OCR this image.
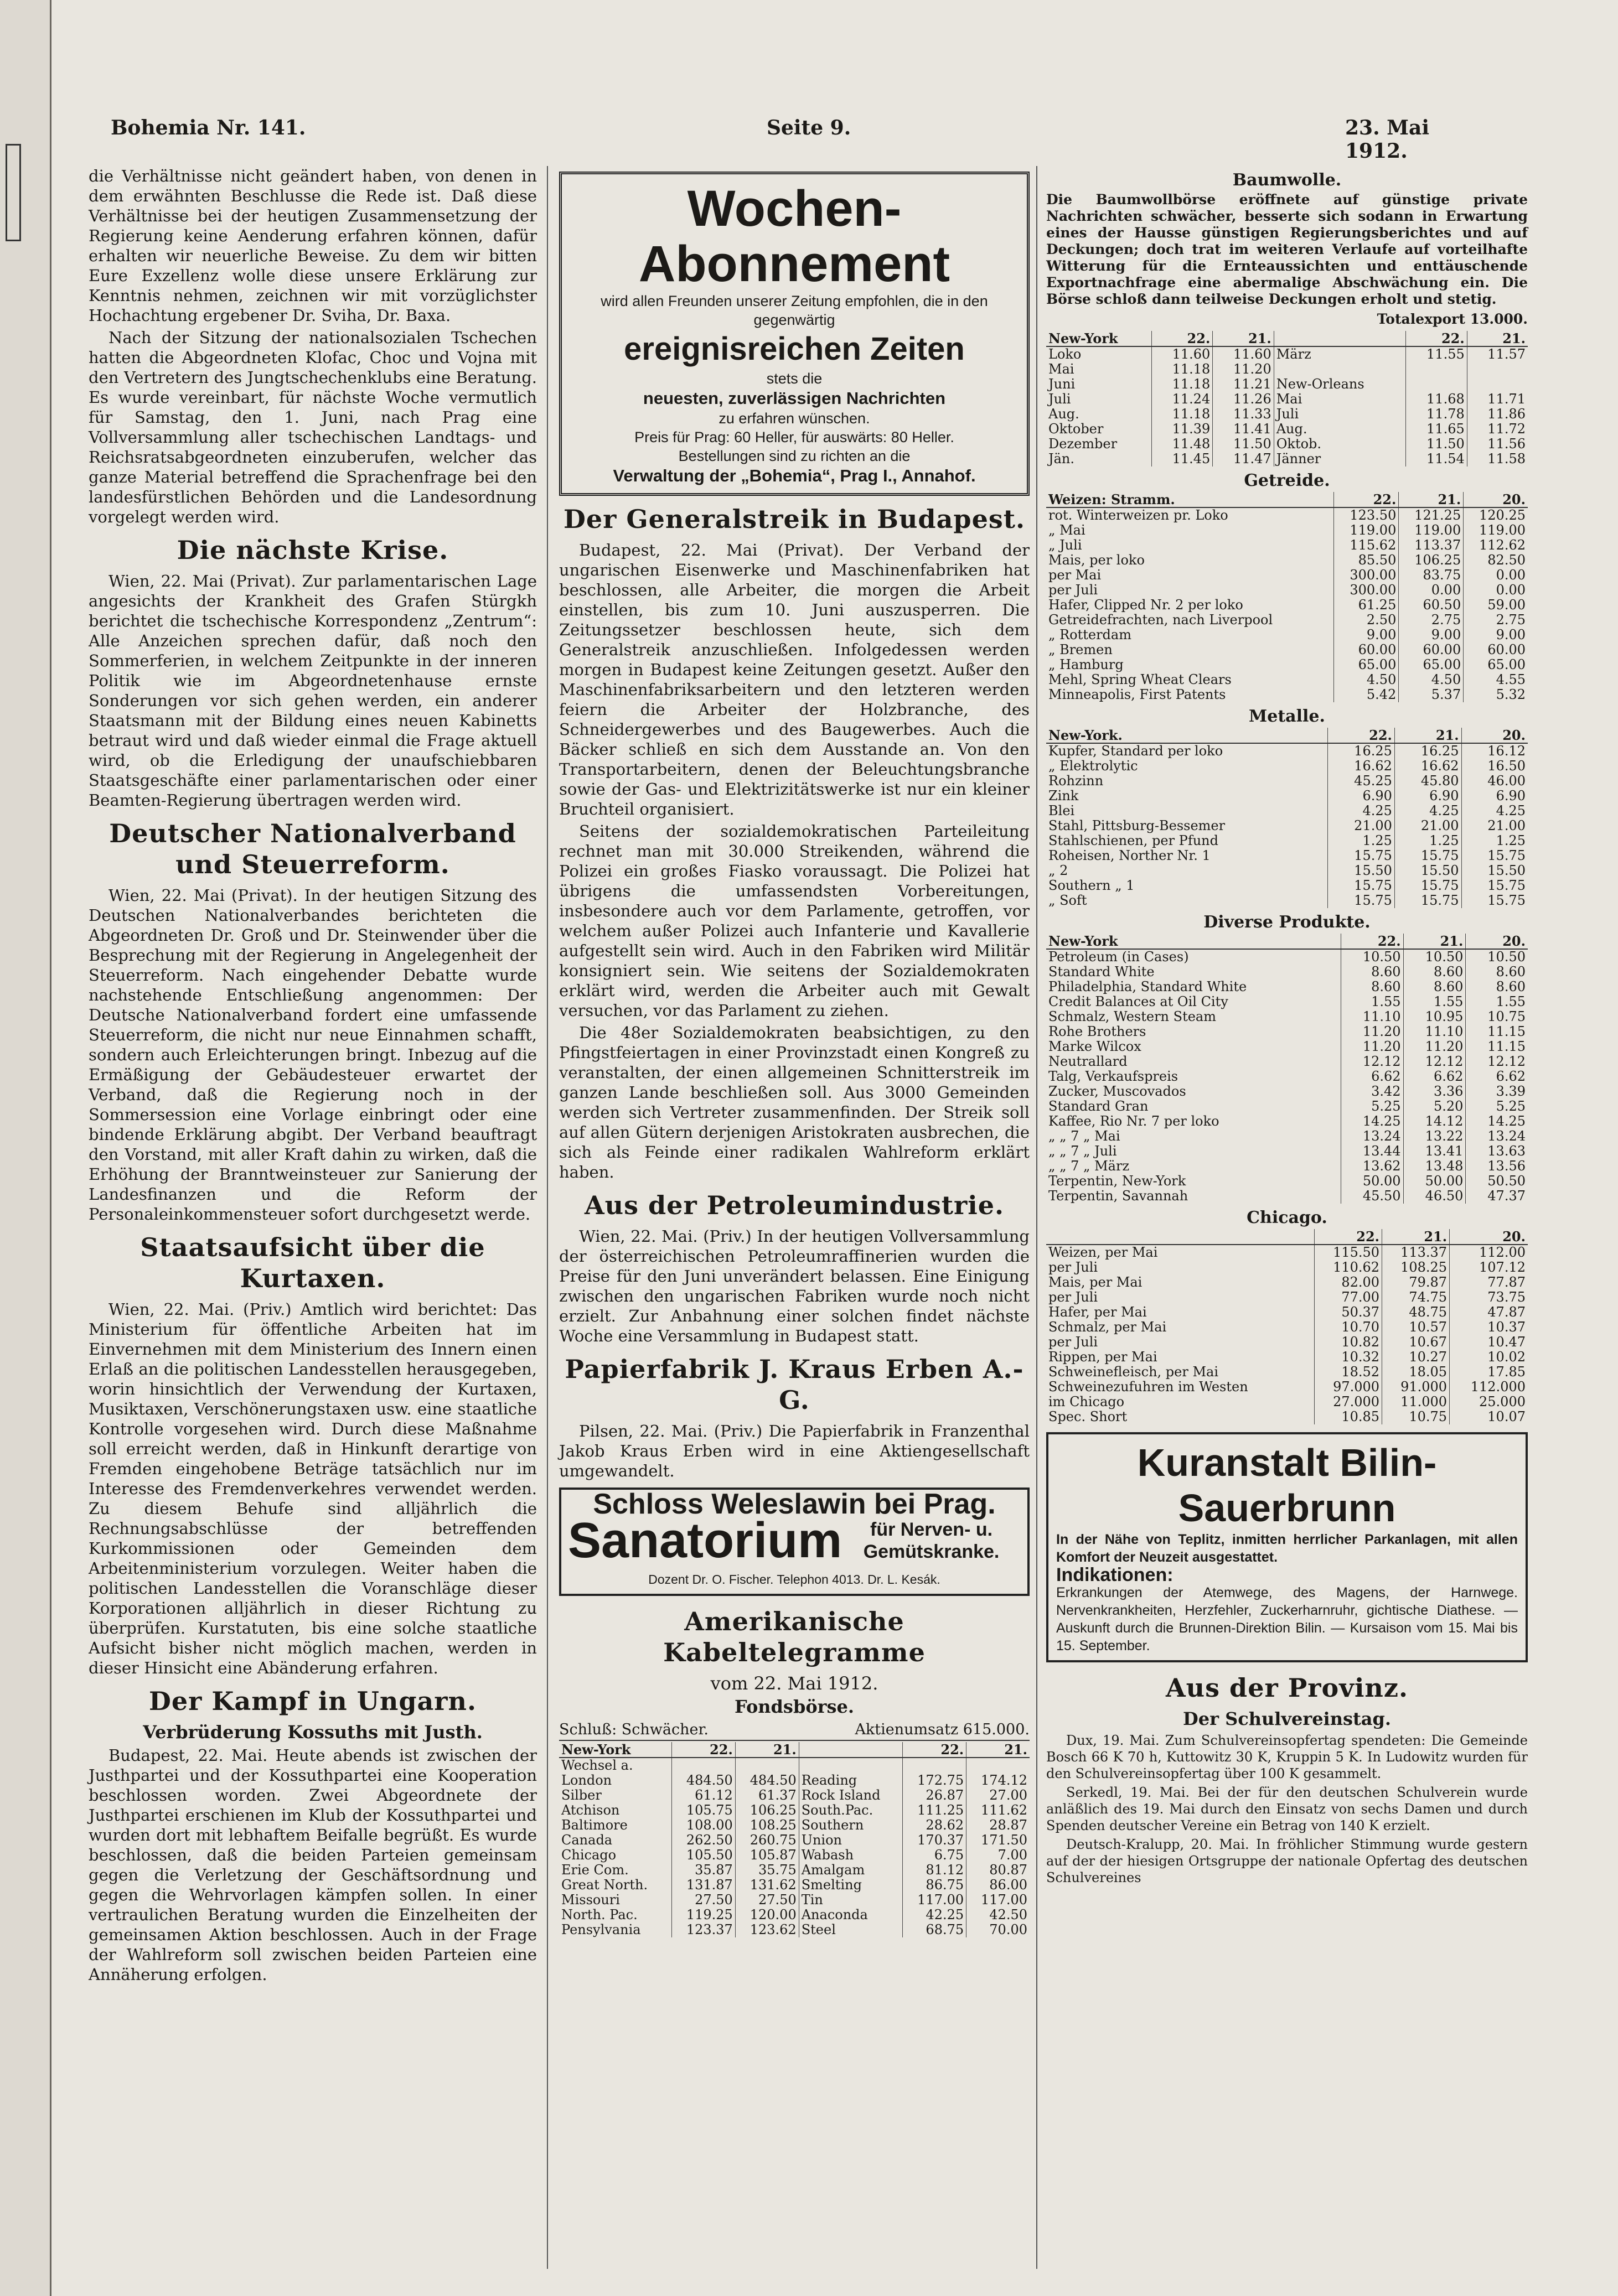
Bohemia Nr. 141.	Seite 9.	23. Mai 1912.

die Verhältnisse nicht geändert haben, von denen in dem erwähnten Beschlusse die Rede ist. Daß diese Verhältnisse bei der heutigen Zusammensetzung der Regierung keine Aenderung erfahren können, dafür erhalten wir neuerliche Beweise. Zu dem wir bitten Eure Exzellenz wolle diese unsere Erklärung zur Kenntnis nehmen, zeichnen wir mit vorzüglichster Hochachtung ergebener Dr. Sviha, Dr. Baxa.

Nach der Sitzung der nationalsozialen Tschechen hatten die Abgeordneten Klofac, Choc und Vojna mit den Vertretern des Jungtschechenklubs eine Beratung. Es wurde vereinbart, für nächste Woche vermutlich für Samstag, den 1. Juni, nach Prag eine Vollversammlung aller tschechischen Landtags- und Reichsratsabgeordneten einzuberufen, welcher das ganze Material betreffend die Sprachenfrage bei den landesfürstlichen Behörden und die Landesordnung vorgelegt werden wird.

Die nächste Krise.

Wien, 22. Mai (Privat). Zur parlamentarischen Lage angesichts der Krankheit des Grafen Stürgkh berichtet die tschechische Korrespondenz „Zentrum“: Alle Anzeichen sprechen dafür, daß noch den Sommerferien, in welchem Zeitpunkte in der inneren Politik wie im Abgeordnetenhause ernste Sonderungen vor sich gehen werden, ein anderer Staatsmann mit der Bildung eines neuen Kabinetts betraut wird und daß wieder einmal die Frage aktuell wird, ob die Erledigung der unaufschiebbaren Staatsgeschäfte einer parlamentarischen oder einer Beamten-Regierung übertragen werden wird.

Deutscher Nationalverband und Steuerreform.

Wien, 22. Mai (Privat). In der heutigen Sitzung des Deutschen Nationalverbandes berichteten die Abgeordneten Dr. Groß und Dr. Steinwender über die Besprechung mit der Regierung in Angelegenheit der Steuerreform. Nach eingehender Debatte wurde nachstehende Entschließung angenommen: Der Deutsche Nationalverband fordert eine umfassende Steuerreform, die nicht nur neue Einnahmen schafft, sondern auch Erleichterungen bringt. Inbezug auf die Ermäßigung der Gebäudesteuer erwartet der Verband, daß die Regierung noch in der Sommersession eine Vorlage einbringt oder eine bindende Erklärung abgibt. Der Verband beauftragt den Vorstand, mit aller Kraft dahin zu wirken, daß die Erhöhung der Branntweinsteuer zur Sanierung der Landesfinanzen und die Reform der Personaleinkommensteuer sofort durchgesetzt werde.

Staatsaufsicht über die Kurtaxen.

Wien, 22. Mai. (Priv.) Amtlich wird berichtet: Das Ministerium für öffentliche Arbeiten hat im Einvernehmen mit dem Ministerium des Innern einen Erlaß an die politischen Landesstellen herausgegeben, worin hinsichtlich der Verwendung der Kurtaxen, Musiktaxen, Verschönerungstaxen usw. eine staatliche Kontrolle vorgesehen wird. Durch diese Maßnahme soll erreicht werden, daß in Hinkunft derartige von Fremden eingehobene Beträge tatsächlich nur im Interesse des Fremdenverkehres verwendet werden. Zu diesem Behufe sind alljährlich die Rechnungsabschlüsse der betreffenden Kurkommissionen oder Gemeinden dem Arbeitenministerium vorzulegen. Weiter haben die politischen Landesstellen die Voranschläge dieser Korporationen alljährlich in dieser Richtung zu überprüfen. Kurstatuten, bis eine solche staatliche Aufsicht bisher nicht möglich machen, werden in dieser Hinsicht eine Abänderung erfahren.

Der Kampf in Ungarn.
Verbrüderung Kossuths mit Justh.

Budapest, 22. Mai. Heute abends ist zwischen der Justhpartei und der Kossuthpartei eine Kooperation beschlossen worden. Zwei Abgeordnete der Justhpartei erschienen im Klub der Kossuthpartei und wurden dort mit lebhaftem Beifalle begrüßt. Es wurde beschlossen, daß die beiden Parteien gemeinsam gegen die Verletzung der Geschäftsordnung und gegen die Wehrvorlagen kämpfen sollen. In einer vertraulichen Beratung wurden die Einzelheiten der gemeinsamen Aktion beschlossen. Auch in der Frage der Wahlreform soll zwischen beiden Parteien eine Annäherung erfolgen.

Wochen-Abonnement
wird allen Freunden unserer Zeitung empfohlen, die in den gegenwärtig
ereignisreichen Zeiten
stets die
neuesten, zuverlässigen Nachrichten
zu erfahren wünschen.
Preis für Prag: 60 Heller, für auswärts: 80 Heller.
Bestellungen sind zu richten an die
Verwaltung der „Bohemia“, Prag I., Annahof.
Der Generalstreik in Budapest.

Budapest, 22. Mai (Privat). Der Verband der ungarischen Eisenwerke und Maschinenfabriken hat beschlossen, alle Arbeiter, die morgen die Arbeit einstellen, bis zum 10. Juni auszusperren. Die Zeitungssetzer beschlossen heute, sich dem Generalstreik anzuschließen. Infolgedessen werden morgen in Budapest keine Zeitungen gesetzt. Außer den Maschinenfabriksarbeitern und den letzteren werden feiern die Arbeiter der Holzbranche, des Schneidergewerbes und des Baugewerbes. Auch die Bäcker schließ en sich dem Ausstande an. Von den Transportarbeitern, denen der Beleuchtungsbranche sowie der Gas- und Elektrizitätswerke ist nur ein kleiner Bruchteil organisiert.

Seitens der sozialdemokratischen Parteileitung rechnet man mit 30.000 Streikenden, während die Polizei ein großes Fiasko voraussagt. Die Polizei hat übrigens die umfassendsten Vorbereitungen, insbesondere auch vor dem Parlamente, getroffen, vor welchem außer Polizei auch Infanterie und Kavallerie aufgestellt sein wird. Auch in den Fabriken wird Militär konsigniert sein. Wie seitens der Sozialdemokraten erklärt wird, werden die Arbeiter auch mit Gewalt versuchen, vor das Parlament zu ziehen.

Die 48er Sozialdemokraten beabsichtigen, zu den Pfingstfeiertagen in einer Provinzstadt einen Kongreß zu veranstalten, der einen allgemeinen Schnitterstreik im ganzen Lande beschließen soll. Aus 3000 Gemeinden werden sich Vertreter zusammenfinden. Der Streik soll auf allen Gütern derjenigen Aristokraten ausbrechen, die sich als Feinde einer radikalen Wahlreform erklärt haben.

Aus der Petroleumindustrie.

Wien, 22. Mai. (Priv.) In der heutigen Vollversammlung der österreichischen Petroleumraffinerien wurden die Preise für den Juni unverändert belassen. Eine Einigung zwischen den ungarischen Fabriken wurde noch nicht erzielt. Zur Anbahnung einer solchen findet nächste Woche eine Versammlung in Budapest statt.

Papierfabrik J. Kraus Erben A.-G.

Pilsen, 22. Mai. (Priv.) Die Papierfabrik in Franzenthal Jakob Kraus Erben wird in eine Aktiengesellschaft umgewandelt.

Schloss Weleslawin bei Prag.
Sanatorium	für Nerven- u. Gemütskranke.
Dozent Dr. O. Fischer. Telephon 4013. Dr. L. Kesák.
Amerikanische Kabeltelegramme
vom 22. Mai 1912.
Fondsbörse.
Schluß: Schwächer.	Aktienumsatz 615.000.
New-York	22.	21.		22.	21.
Wechsel a.					
London	484.50	484.50	Reading	172.75	174.12
Silber	61.12	61.37	Rock Island	26.87	27.00
Atchison	105.75	106.25	South.Pac.	111.25	111.62
Baltimore	108.00	108.25	Southern	28.62	28.87
Canada	262.50	260.75	Union	170.37	171.50
Chicago	105.50	105.87	Wabash	6.75	7.00
Erie Com.	35.87	35.75	Amalgam	81.12	80.87
Great North.	131.87	131.62	Smelting	86.75	86.00
Missouri	27.50	27.50	Tin	117.00	117.00
North. Pac.	119.25	120.00	Anaconda	42.25	42.50
Pensylvania	123.37	123.62	Steel	68.75	70.00
Baumwolle.
Die Baumwollbörse eröffnete auf günstige private Nachrichten schwächer, besserte sich sodann in Erwartung eines der Hausse günstigen Regierungsberichtes und auf Deckungen; doch trat im weiteren Verlaufe auf vorteilhafte Witterung für die Ernteaussichten und enttäuschende Exportnachfrage eine abermalige Abschwächung ein. Die Börse schloß dann teilweise Deckungen erholt und stetig.
Totalexport 13.000.
New-York	22.	21.		22.	21.
Loko	11.60	11.60	März	11.55	11.57
Mai	11.18	11.20			
Juni	11.18	11.21	New-Orleans		
Juli	11.24	11.26	Mai	11.68	11.71
Aug.	11.18	11.33	Juli	11.78	11.86
Oktober	11.39	11.41	Aug.	11.65	11.72
Dezember	11.48	11.50	Oktob.	11.50	11.56
Jän.	11.45	11.47	Jänner	11.54	11.58
Getreide.
Weizen: Stramm.	22.	21.	20.
rot. Winterweizen pr. Loko	123.50	121.25	120.25
„ Mai	119.00	119.00	119.00
„ Juli	115.62	113.37	112.62
Mais, per loko	85.50	106.25	82.50
per Mai	300.00	83.75	0.00
per Juli	300.00	0.00	0.00
Hafer, Clipped Nr. 2 per loko	61.25	60.50	59.00
Getreidefrachten, nach Liverpool	2.50	2.75	2.75
„ Rotterdam	9.00	9.00	9.00
„ Bremen	60.00	60.00	60.00
„ Hamburg	65.00	65.00	65.00
Mehl, Spring Wheat Clears	4.50	4.50	4.55
Minneapolis, First Patents	5.42	5.37	5.32
Metalle.
New-York.	22.	21.	20.
Kupfer, Standard per loko	16.25	16.25	16.12
„ Elektrolytic	16.62	16.62	16.50
Rohzinn	45.25	45.80	46.00
Zink	6.90	6.90	6.90
Blei	4.25	4.25	4.25
Stahl, Pittsburg-Bessemer	21.00	21.00	21.00
Stahlschienen, per Pfund	1.25	1.25	1.25
Roheisen, Norther Nr. 1	15.75	15.75	15.75
„ 2	15.50	15.50	15.50
Southern „ 1	15.75	15.75	15.75
„ Soft	15.75	15.75	15.75
Diverse Produkte.
New-York	22.	21.	20.
Petroleum (in Cases)	10.50	10.50	10.50
Standard White	8.60	8.60	8.60
Philadelphia, Standard White	8.60	8.60	8.60
Credit Balances at Oil City	1.55	1.55	1.55
Schmalz, Western Steam	11.10	10.95	10.75
Rohe Brothers	11.20	11.10	11.15
Marke Wilcox	11.20	11.20	11.15
Neutrallard	12.12	12.12	12.12
Talg, Verkaufspreis	6.62	6.62	6.62
Zucker, Muscovados	3.42	3.36	3.39
Standard Gran	5.25	5.20	5.25
Kaffee, Rio Nr. 7 per loko	14.25	14.12	14.25
„ „ 7 „ Mai	13.24	13.22	13.24
„ „ 7 „ Juli	13.44	13.41	13.63
„ „ 7 „ März	13.62	13.48	13.56
Terpentin, New-York	50.00	50.00	50.50
Terpentin, Savannah	45.50	46.50	47.37
Chicago.
	22.	21.	20.
Weizen, per Mai	115.50	113.37	112.00
per Juli	110.62	108.25	107.12
Mais, per Mai	82.00	79.87	77.87
per Juli	77.00	74.75	73.75
Hafer, per Mai	50.37	48.75	47.87
Schmalz, per Mai	10.70	10.57	10.37
per Juli	10.82	10.67	10.47
Rippen, per Mai	10.32	10.27	10.02
Schweinefleisch, per Mai	18.52	18.05	17.85
Schweinezufuhren im Westen	97.000	91.000	112.000
im Chicago	27.000	11.000	25.000
Spec. Short	10.85	10.75	10.07
Kuranstalt Bilin-Sauerbrunn
In der Nähe von Teplitz, inmitten herrlicher Parkanlagen, mit allen Komfort der Neuzeit ausgestattet.
Indikationen:
Erkrankungen der Atemwege, des Magens, der Harnwege. Nervenkrankheiten, Herzfehler, Zuckerharnruhr, gichtische Diathese. — Auskunft durch die Brunnen-Direktion Bilin. — Kursaison vom 15. Mai bis 15. September.
Aus der Provinz.
Der Schulvereinstag.

Dux, 19. Mai. Zum Schulvereinsopfertag spendeten: Die Gemeinde Bosch 66 K 70 h, Kuttowitz 30 K, Kruppin 5 K. In Ludowitz wurden für den Schulvereinsopfertag über 100 K gesammelt.

Serkedl, 19. Mai. Bei der für den deutschen Schulverein wurde anläßlich des 19. Mai durch den Einsatz von sechs Damen und durch Spenden deutscher Vereine ein Betrag von 140 K erzielt.

Deutsch-Kralupp, 20. Mai. In fröhlicher Stimmung wurde gestern auf der der hiesigen Ortsgruppe der nationale Opfertag des deutschen Schulvereines
